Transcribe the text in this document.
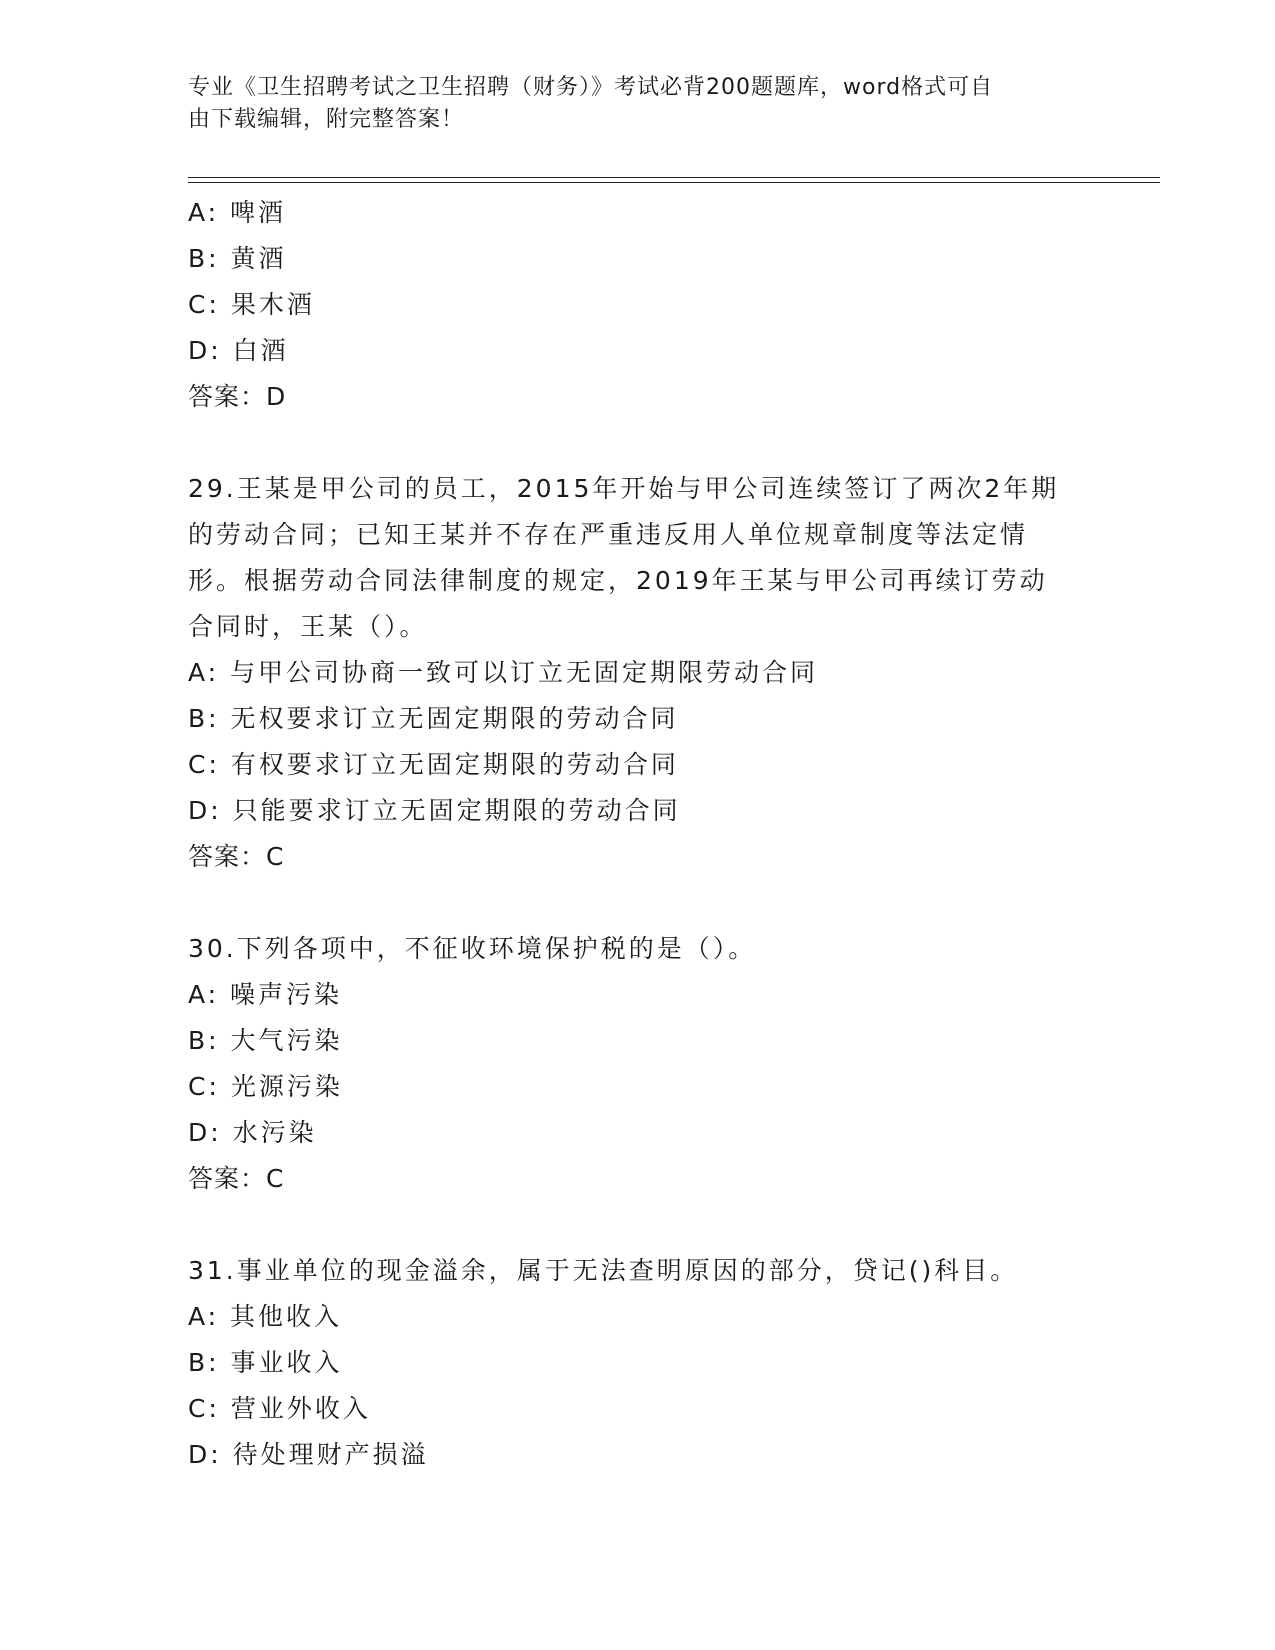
专业《卫生招聘考试之卫生招聘（财务）》考试必背200题题库，word格式可自
由下载编辑，附完整答案！
A: 啤酒
B: 黄酒
C: 果木酒
D: 白酒
答案：D
29.王某是甲公司的员工，2015年开始与甲公司连续签订了两次2年期
的劳动合同；已知王某并不存在严重违反用人单位规章制度等法定情
形。根据劳动合同法律制度的规定，2019年王某与甲公司再续订劳动
合同时，王某（）。
A: 与甲公司协商一致可以订立无固定期限劳动合同
B: 无权要求订立无固定期限的劳动合同
C: 有权要求订立无固定期限的劳动合同
D: 只能要求订立无固定期限的劳动合同
答案：C
30.下列各项中，不征收环境保护税的是（）。
A: 噪声污染
B: 大气污染
C: 光源污染
D: 水污染
答案：C
31.事业单位的现金溢余，属于无法查明原因的部分，贷记()科目。
A: 其他收入
B: 事业收入
C: 营业外收入
D: 待处理财产损溢
